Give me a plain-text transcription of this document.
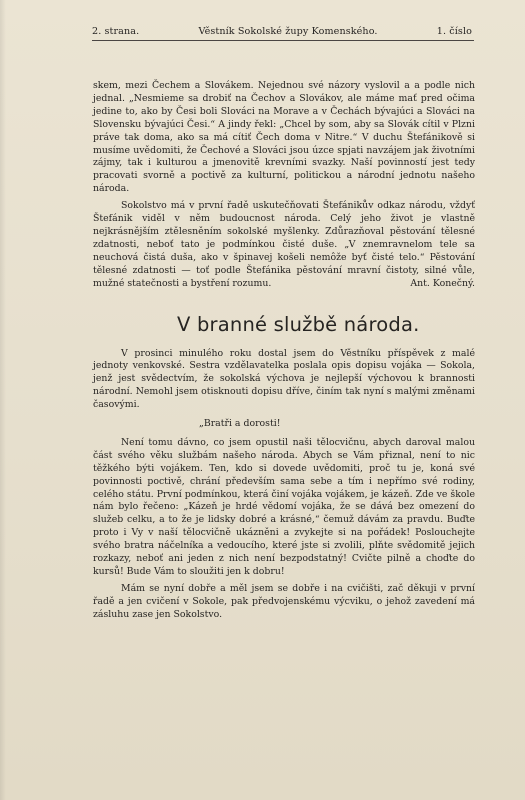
2. strana.	Věstník Sokolské župy Komenského.	1. číslo

skem, mezi Čechem a Slovákem. Nejednou své názory vyslovil a a podle nich jednal. „Nesmieme sa drobiť na Čechov a Slovákov, ale máme mať pred očima jedine to, ako by Česi boli Slováci na Morave a v Čechách bývajúci a Slováci na Slovensku bývajúci Česi.“ A jindy řekl: „Chcel by som, aby sa Slovák cítil v Plzni práve tak doma, ako sa má cítiť Čech doma v Nitre.“ V duchu Štefánikově si musíme uvědomiti, že Čechové a Slováci jsou úzce spjati navzájem jak životními zájmy, tak i kulturou a jmenovitě krevními svazky. Naší povinností jest tedy pracovati svorně a poctivě za kulturní, politickou a národní jednotu našeho národa.

Sokolstvo má v první řadě uskutečňovati Štefánikův odkaz národu, vždyť Štefánik viděl v něm budoucnost národa. Celý jeho život je vlastně nejkrásnějším ztělesněním sokolské myšlenky. Zdůrazňoval pěstování tělesné zdatnosti, neboť tato je podmínkou čisté duše. „V znemravnelom tele sa neuchová čistá duša, ako v špinavej košeli nemôže byť čisté telo.“ Pěstování tělesné zdatnosti — toť podle Štefánika pěstování mravní čistoty, silné vůle, mužné statečnosti a bystření rozumu.	Ant. Konečný.

V branné službě národa.

V prosinci minulého roku dostal jsem do Věstníku příspěvek z malé jednoty venkovské. Sestra vzdělavatelka poslala opis dopisu vojáka — Sokola, jenž jest svědectvím, že sokolská výchova je nejlepší výchovou k brannosti národní. Nemohl jsem otisknouti dopisu dříve, činím tak nyní s malými změnami časovými.

„Bratři a dorosti!

Není tomu dávno, co jsem opustil naši tělocvičnu, abych daroval malou část svého věku službám našeho národa. Abych se Vám přiznal, není to nic těžkého býti vojákem. Ten, kdo si dovede uvědomiti, proč tu je, koná své povinnosti poctivě, chrání především sama sebe a tím i nepřímo své rodiny, celého státu. První podmínkou, která činí vojáka vojákem, je kázeň. Zde ve škole nám bylo řečeno: „Kázeň je hrdé vědomí vojáka, že se dává bez omezení do služeb celku, a to že je lidsky dobré a krásné,“ čemuž dávám za pravdu. Buďte proto i Vy v naší tělocvičně ukázněni a zvykejte si na pořádek! Poslouchejte svého bratra náčelníka a vedoucího, které jste si zvolili, plňte svědomitě jejich rozkazy, neboť ani jeden z nich není bezpodstatný! Cvičte pilně a choďte do kursů! Bude Vám to sloužiti jen k dobru!

Mám se nyní dobře a měl jsem se dobře i na cvičišti, zač děkuji v první řadě a jen cvičení v Sokole, pak předvojenskému výcviku, o jehož zavedení má zásluhu zase jen Sokolstvo.
